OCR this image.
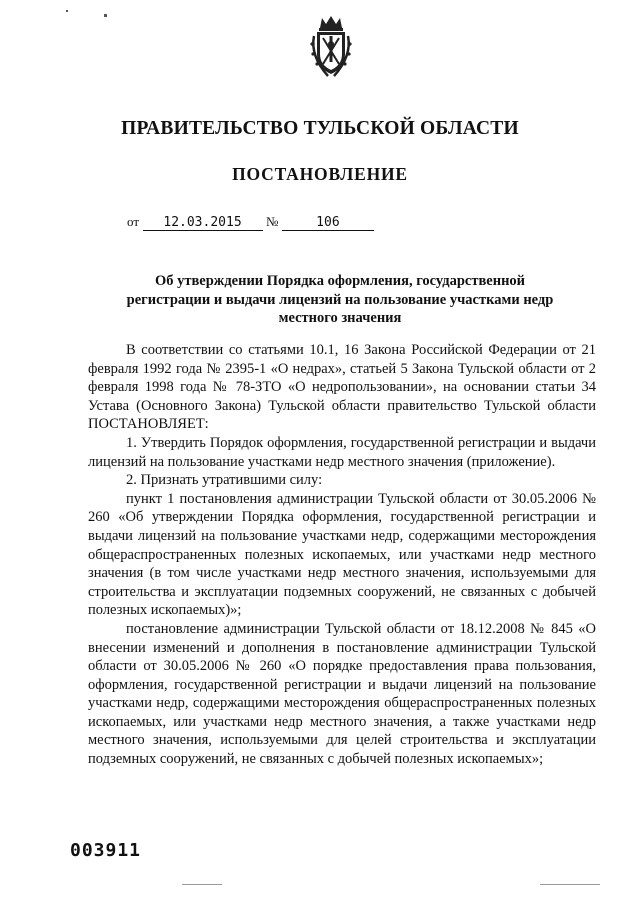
ПРАВИТЕЛЬСТВО ТУЛЬСКОЙ ОБЛАСТИ
ПОСТАНОВЛЕНИЕ
от 12.03.2015 №	106
Об утверждении Порядка оформления, государственной регистрации и выдачи лицензий на пользование участками недр местного значения

В соответствии со статьями 10.1, 16 Закона Российской Федерации от 21 февраля 1992 года № 2395-1 «О недрах», статьей 5 Закона Тульской области от 2 февраля 1998 года № 78-ЗТО «О недропользовании», на основании статьи 34 Устава (Основного Закона) Тульской области правительство Тульской области ПОСТАНОВЛЯЕТ:

1. Утвердить Порядок оформления, государственной регистрации и выдачи лицензий на пользование участками недр местного значения (приложение).

2. Признать утратившими силу:

пункт 1 постановления администрации Тульской области от 30.05.2006 № 260 «Об утверждении Порядка оформления, государственной регистрации и выдачи лицензий на пользование участками недр, содержащими месторождения общераспространенных полезных ископаемых, или участками недр местного значения (в том числе участками недр местного значения, используемыми для строительства и эксплуатации подземных сооружений, не связанных с добычей полезных ископаемых)»;

постановление администрации Тульской области от 18.12.2008 № 845 «О внесении изменений и дополнения в постановление администрации Тульской области от 30.05.2006 № 260 «О порядке предоставления права пользования, оформления, государственной регистрации и выдачи лицензий на пользование участками недр, содержащими месторождения общераспространенных полезных ископаемых, или участками недр местного значения, а также участками недр местного значения, используемыми для целей строительства и эксплуатации подземных сооружений, не связанных с добычей полезных ископаемых»;

003911
